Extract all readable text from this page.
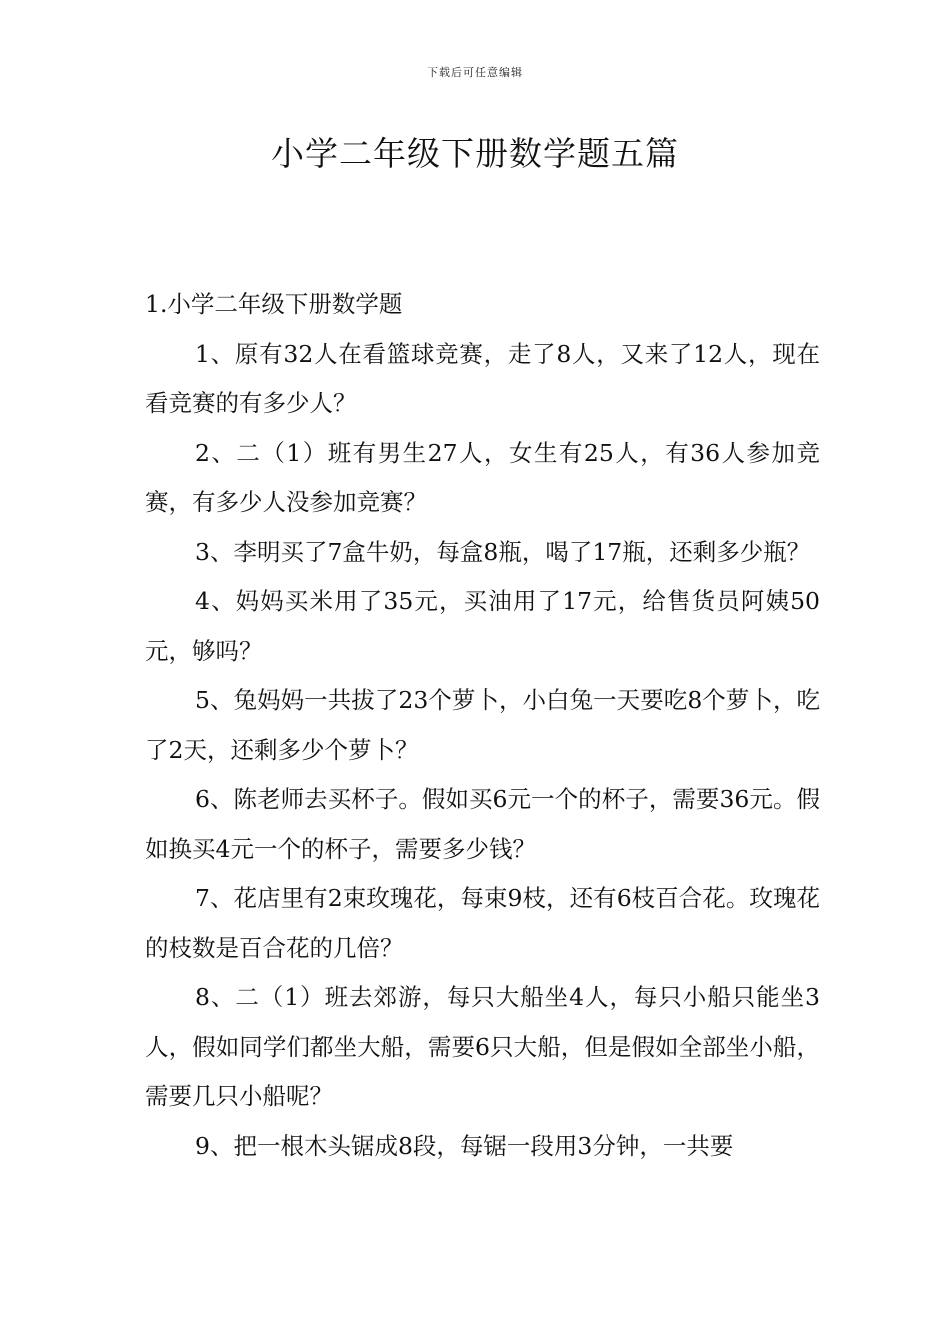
下载后可任意编辑
小学二年级下册数学题五篇

1.小学二年级下册数学题

1、原有32人在看篮球竞赛，走了8人，又来了12人，现在看竞赛的有多少人？

2、二（1）班有男生27人，女生有25人，有36人参加竞赛，有多少人没参加竞赛？

3、李明买了7盒牛奶，每盒8瓶，喝了17瓶，还剩多少瓶？

4、妈妈买米用了35元，买油用了17元，给售货员阿姨50元，够吗？

5、兔妈妈一共拔了23个萝卜，小白兔一天要吃8个萝卜，吃了2天，还剩多少个萝卜？

6、陈老师去买杯子。假如买6元一个的杯子，需要36元。假如换买4元一个的杯子，需要多少钱？

7、花店里有2束玫瑰花，每束9枝，还有6枝百合花。玫瑰花的枝数是百合花的几倍？

8、二（1）班去郊游，每只大船坐4人，每只小船只能坐3人，假如同学们都坐大船，需要6只大船，但是假如全部坐小船，需要几只小船呢？

9、把一根木头锯成8段，每锯一段用3分钟，一共要
